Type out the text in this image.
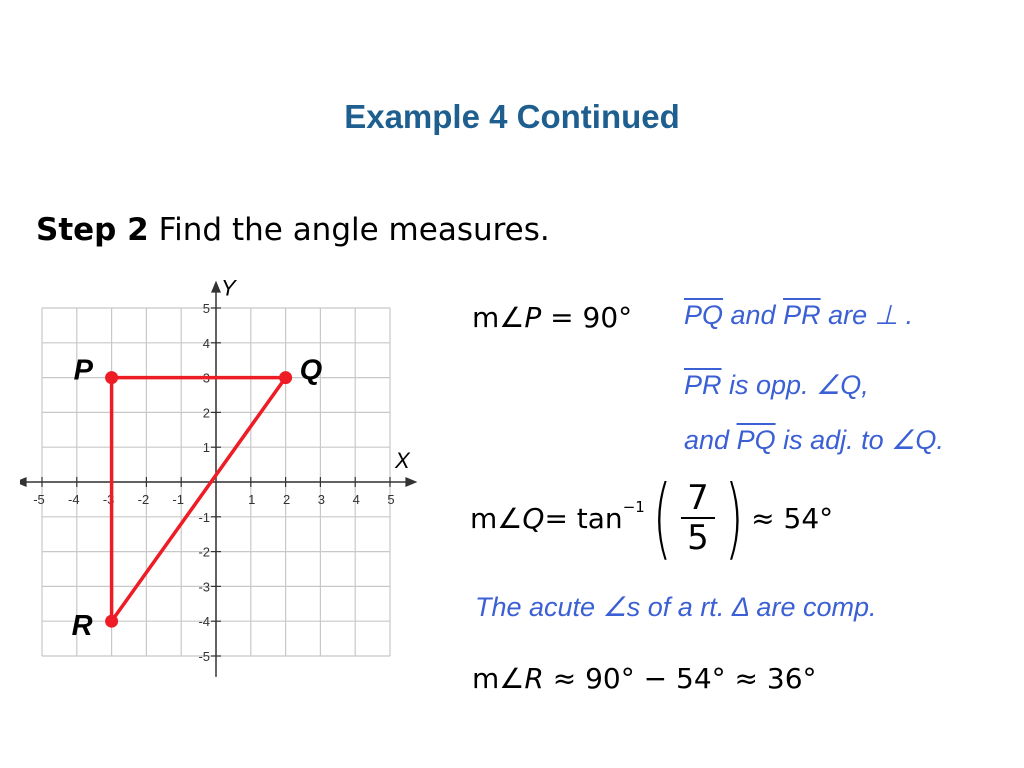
Example 4 Continued
Step 2 Find the angle measures.
-5 -4 -3 -2 -1	1 2 3 4 5
5
4
3
2
1
-1
-2
-3
-4
-5
Y
X
P	Q
R
m∠P = 90° $\overline{PQ}$ and $\overline{PR}$ are ⊥ .
$\overline{PR}$ is opp. ∠Q,
and $\overline{PQ}$ is adj. to ∠Q.
m ∠ $Q = \tan^{-1}$ ( $\frac{7}{5}$ ) ≈ 54°
The acute ∠s of a rt. Δ are comp.
m∠R ≈ 90° − 54° ≈ 36°
